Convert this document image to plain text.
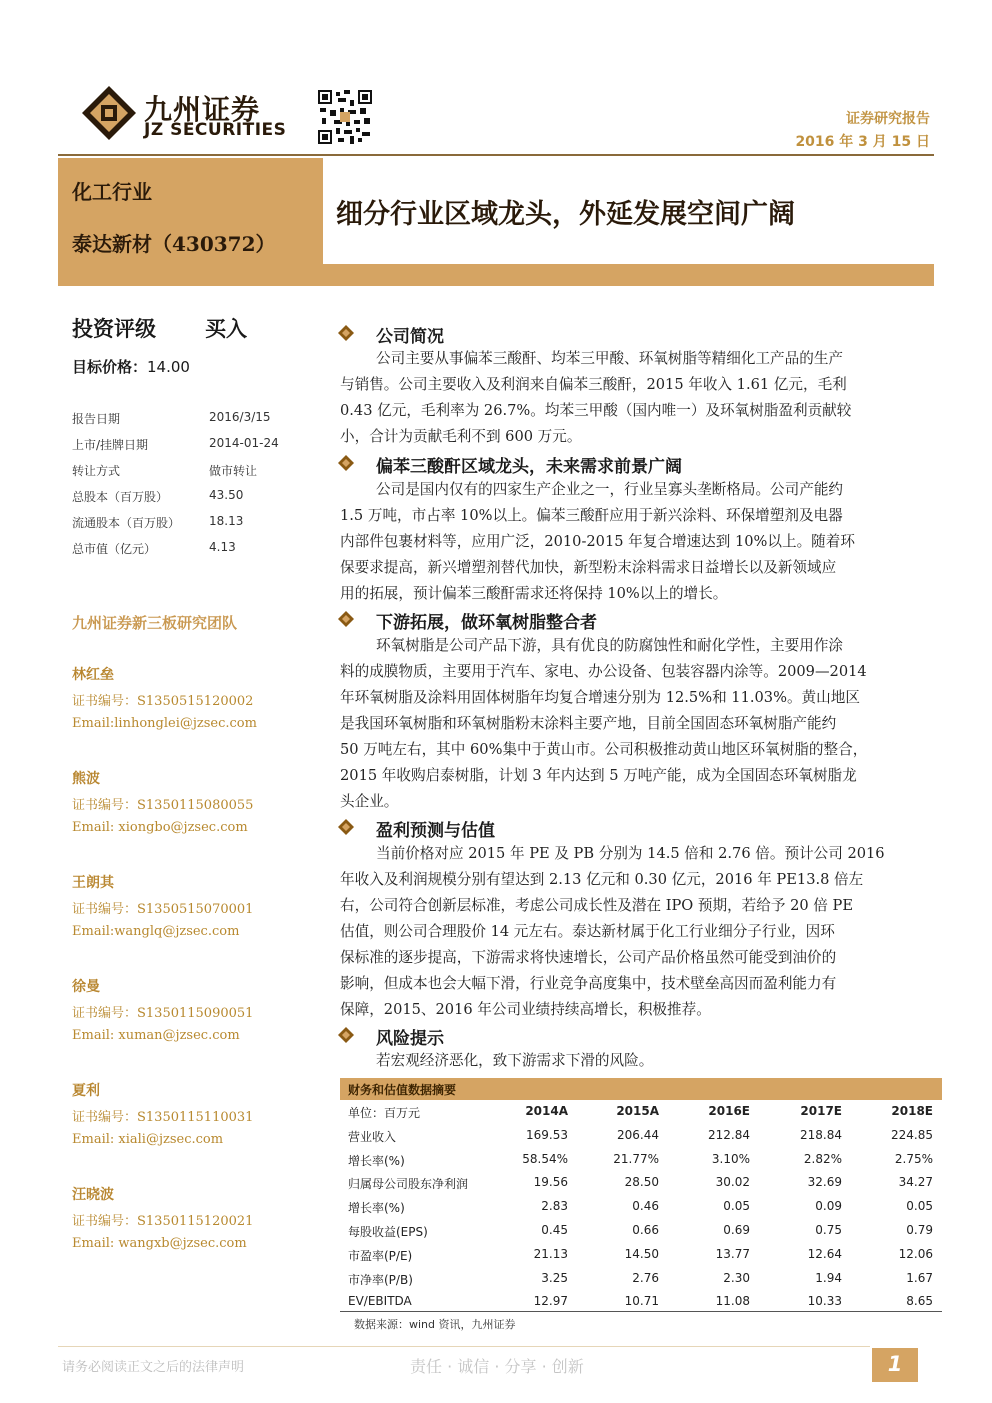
九州证券
JZ SECURITIES
证券研究报告
2016 年 3 月 15 日
化工行业
泰达新材（430372）
细分行业区域龙头，外延发展空间广阔
投资评级 买入
目标价格：14.00
报告日期	2016/3/15
上市/挂牌日期	2014-01-24
转让方式	做市转让
总股本（百万股）	43.50
流通股本（百万股） 18.13
总市值（亿元）	4.13
九州证券新三板研究团队
林红垒
证书编号：S1350515120002
Email:linhonglei@jzsec.com
熊波
证书编号：S1350115080055
Email: xiongbo@jzsec.com
王朗其
证书编号：S1350515070001
Email:wanglq@jzsec.com
徐曼
证书编号：S1350115090051
Email: xuman@jzsec.com
夏利
证书编号：S1350115110031
Email: xiali@jzsec.com
汪晓波
证书编号：S1350115120021
Email: wangxb@jzsec.com
公司简况
公司主要从事偏苯三酸酐、均苯三甲酸、环氧树脂等精细化工产品的生产
与销售。公司主要收入及利润来自偏苯三酸酐，2015 年收入 1.61 亿元，毛利
0.43 亿元，毛利率为 26.7%。均苯三甲酸（国内唯一）及环氧树脂盈利贡献较
小，合计为贡献毛利不到 600 万元。
偏苯三酸酐区域龙头，未来需求前景广阔
公司是国内仅有的四家生产企业之一，行业呈寡头垄断格局。公司产能约
1.5 万吨，市占率 10%以上。偏苯三酸酐应用于新兴涂料、环保增塑剂及电器
内部件包裹材料等，应用广泛，2010-2015 年复合增速达到 10%以上。随着环
保要求提高，新兴增塑剂替代加快，新型粉末涂料需求日益增长以及新领域应
用的拓展，预计偏苯三酸酐需求还将保持 10%以上的增长。
下游拓展，做环氧树脂整合者
环氧树脂是公司产品下游，具有优良的防腐蚀性和耐化学性，主要用作涂
料的成膜物质，主要用于汽车、家电、办公设备、包装容器内涂等。2009—2014
年环氧树脂及涂料用固体树脂年均复合增速分别为 12.5%和 11.03%。黄山地区
是我国环氧树脂和环氧树脂粉末涂料主要产地，目前全国固态环氧树脂产能约
50 万吨左右，其中 60%集中于黄山市。公司积极推动黄山地区环氧树脂的整合，
2015 年收购启泰树脂，计划 3 年内达到 5 万吨产能，成为全国固态环氧树脂龙
头企业。
盈利预测与估值
当前价格对应 2015 年 PE 及 PB 分别为 14.5 倍和 2.76 倍。预计公司 2016
年收入及利润规模分别有望达到 2.13 亿元和 0.30 亿元，2016 年 PE13.8 倍左
右，公司符合创新层标准，考虑公司成长性及潜在 IPO 预期，若给予 20 倍 PE
估值，则公司合理股价 14 元左右。泰达新材属于化工行业细分子行业，因环
保标准的逐步提高，下游需求将快速增长，公司产品价格虽然可能受到油价的
影响，但成本也会大幅下滑，行业竞争高度集中，技术壁垒高因而盈利能力有
保障，2015、2016 年公司业绩持续高增长，积极推荐。
风险提示
若宏观经济恶化，致下游需求下滑的风险。
财务和估值数据摘要
单位：百万元	2014A	2015A	2016E	2017E	2018E
营业收入	169.53	206.44	212.84	218.84	224.85
增长率(%)	58.54%	21.77%	3.10%	2.82%	2.75%
归属母公司股东净利润	19.56	28.50	30.02	32.69	34.27
增长率(%)	2.83	0.46	0.05	0.09	0.05
每股收益(EPS)	0.45	0.66	0.69	0.75	0.79
市盈率(P/E)	21.13	14.50	13.77	12.64	12.06
市净率(P/B)	3.25	2.76	2.30	1.94	1.67
EV/EBITDA	12.97	10.71	11.08	10.33	8.65
数据来源：wind 资讯，九州证券
请务必阅读正文之后的法律声明	责任 · 诚信 · 分享 · 创新	1
